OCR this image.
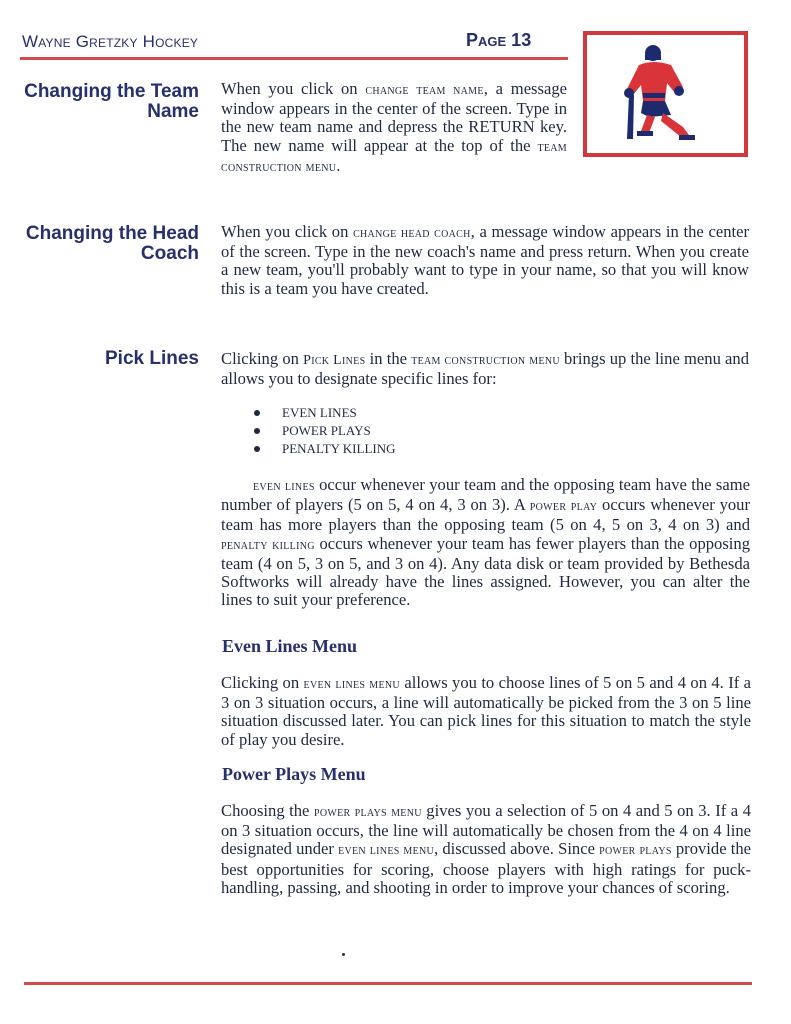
Wayne Gretzky Hockey	Page 13
Changing the Team Name

When you click on change team name, a message window appears in the center of the screen. Type in the new team name and depress the RETURN key. The new name will appear at the top of the team construction menu.

Changing the Head Coach

When you click on change head coach, a message window appears in the center of the screen. Type in the new coach's name and press return. When you create a new team, you'll probably want to type in your name, so that you will know this is a team you have created.

Pick Lines Clicking on Pick Lines in the team construction menu brings up the line menu and allows you to designate specific lines for:

EVEN LINES
POWER PLAYS
PENALTY KILLING

even lines occur whenever your team and the opposing team have the same number of players (5 on 5, 4 on 4, 3 on 3). A power play occurs whenever your team has more players than the opposing team (5 on 4, 5 on 3, 4 on 3) and penalty killing occurs whenever your team has fewer players than the opposing team (4 on 5, 3 on 5, and 3 on 4). Any data disk or team provided by Bethesda Softworks will already have the lines assigned. However, you can alter the lines to suit your preference.

Even Lines Menu

Clicking on even lines menu allows you to choose lines of 5 on 5 and 4 on 4. If a 3 on 3 situation occurs, a line will automatically be picked from the 3 on 5 line situation discussed later. You can pick lines for this situation to match the style of play you desire.

Power Plays Menu

Choosing the power plays menu gives you a selection of 5 on 4 and 5 on 3. If a 4 on 3 situation occurs, the line will automatically be chosen from the 4 on 4 line designated under even lines menu, discussed above. Since power plays provide the best opportunities for scoring, choose players with high ratings for puck-handling, passing, and shooting in order to improve your chances of scoring.
